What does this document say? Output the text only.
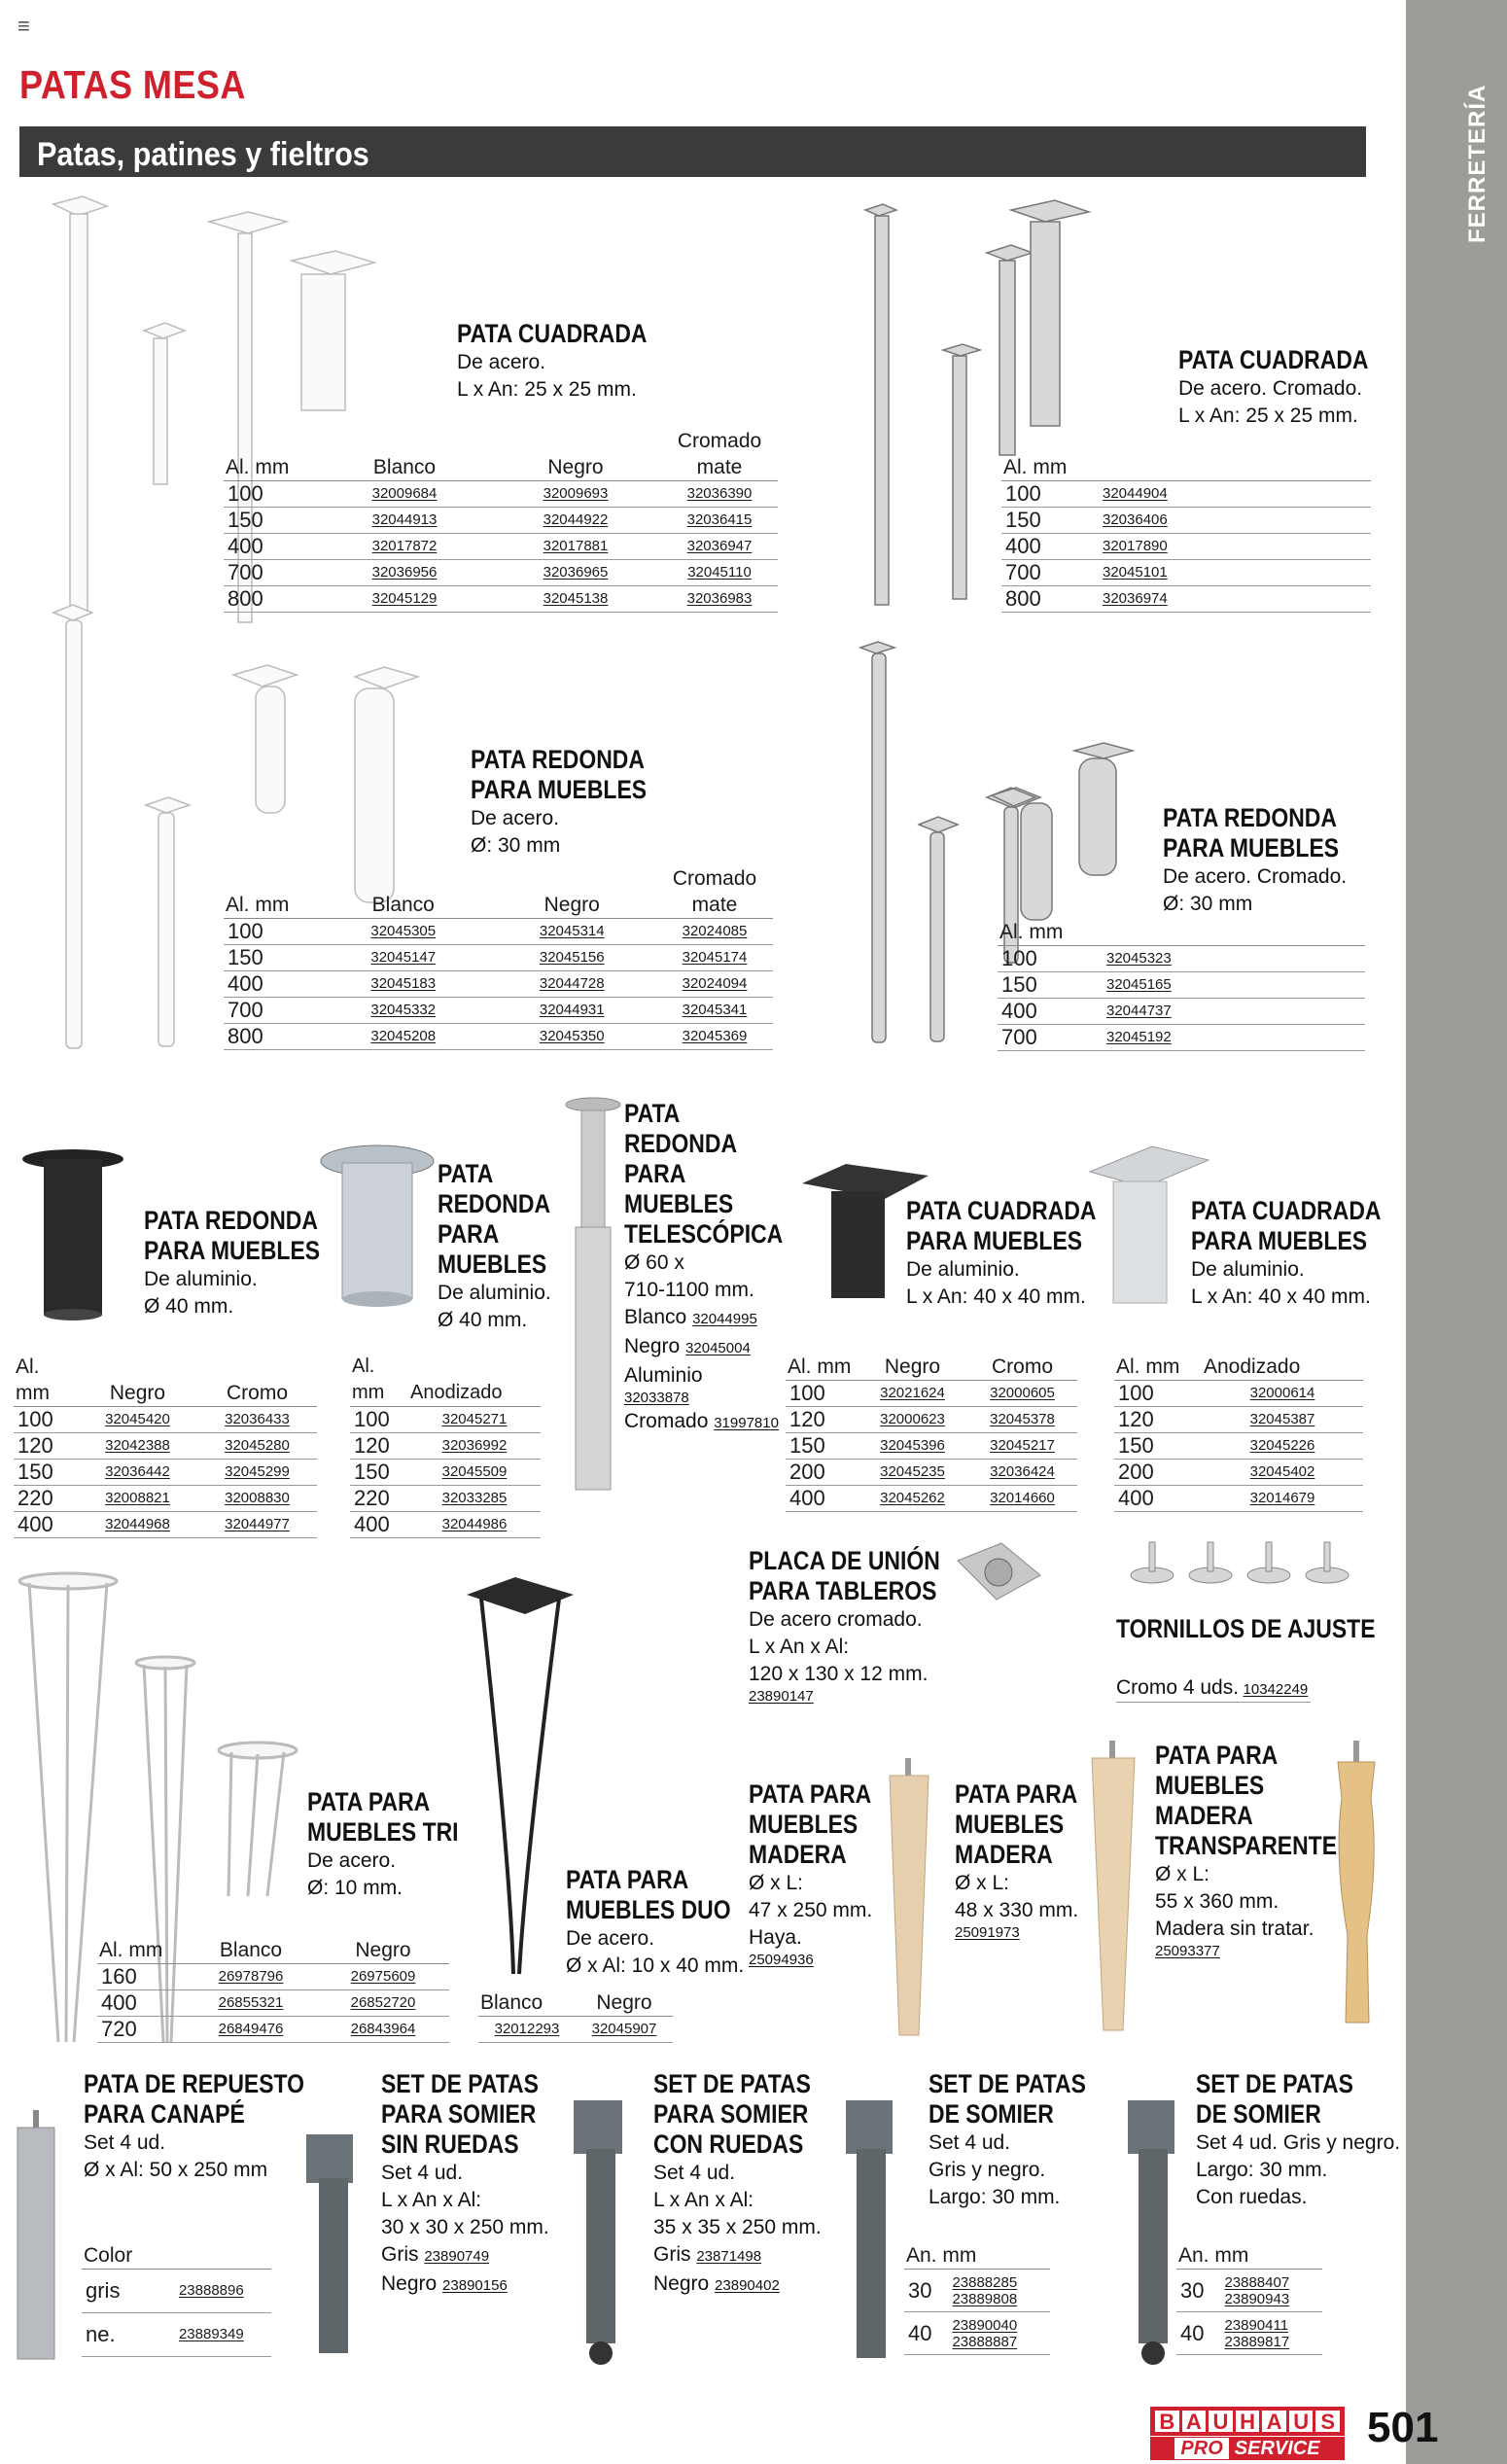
≡
PATAS MESA
Patas, patines y fieltros	FERRETERÍA
PATA CUADRADA
De acero.
L x An: 25 x 25 mm.
Al. mm	Blanco	Negro	Cromado mate
100	32009684	32009693	32036390
150	32044913	32044922	32036415
400	32017872	32017881	32036947
700	32036956	32036965	32045110
800	32045129	32045138	32036983
PATA CUADRADA
De acero. Cromado.
L x An: 25 x 25 mm.
Al. mm	
100	32044904
150	32036406
400	32017890
700	32045101
800	32036974
PATA REDONDA
PARA MUEBLES
De acero.
Ø: 30 mm
Al. mm	Blanco	Negro	Cromado mate
100	32045305	32045314	32024085
150	32045147	32045156	32045174
400	32045183	32044728	32024094
700	32045332	32044931	32045341
800	32045208	32045350	32045369
PATA REDONDA
PARA MUEBLES
De acero. Cromado.
Ø: 30 mm
Al. mm	
100	32045323
150	32045165
400	32044737
700	32045192
PATA REDONDA
PARA MUEBLES
De aluminio.
Ø 40 mm.
Al. mm	Negro	Cromo
100	32045420	32036433
120	32042388	32045280
150	32036442	32045299
220	32008821	32008830
400	32044968	32044977
PATA
REDONDA
PARA
MUEBLES
De aluminio.
Ø 40 mm.
Al. mm	Anodizado
100	32045271
120	32036992
150	32045509
220	32033285
400	32044986
PATA
REDONDA
PARA
MUEBLES
TELESCÓPICA
Ø 60 x
710-1100 mm.
Blanco 32044995
Negro 32045004
Aluminio
32033878
Cromado 31997810
PATA CUADRADA
PARA MUEBLES
De aluminio.
L x An: 40 x 40 mm.
Al. mm	Negro	Cromo
100	32021624	32000605
120	32000623	32045378
150	32045396	32045217
200	32045235	32036424
400	32045262	32014660
PATA CUADRADA
PARA MUEBLES
De aluminio.
L x An: 40 x 40 mm.
Al. mm	Anodizado
100	32000614
120	32045387
150	32045226
200	32045402
400	32014679
PLACA DE UNIÓN
PARA TABLEROS
De acero cromado.
L x An x Al:
120 x 130 x 12 mm.
23890147
TORNILLOS DE AJUSTE
Cromo 4 uds. 10342249
PATA PARA
MUEBLES TRI
De acero.
Ø: 10 mm.
Al. mm	Blanco	Negro
160	26978796	26975609
400	26855321	26852720
720	26849476	26843964
PATA PARA
MUEBLES DUO
De acero.
Ø x Al: 10 x 40 mm.
Blanco	Negro
32012293	32045907
PATA PARA
MUEBLES
MADERA
Ø x L:
47 x 250 mm.
Haya.
25094936
PATA PARA
MUEBLES
MADERA
Ø x L:
48 x 330 mm.
25091973
PATA PARA
MUEBLES
MADERA
TRANSPARENTE
Ø x L:
55 x 360 mm.
Madera sin tratar.
25093377
PATA DE REPUESTO
PARA CANAPÉ
Set 4 ud.
Ø x Al: 50 x 250 mm
Color	
gris	23888896
ne.	23889349
SET DE PATAS
PARA SOMIER
SIN RUEDAS
Set 4 ud.
L x An x Al:
30 x 30 x 250 mm.
Gris 23890749
Negro 23890156
SET DE PATAS
PARA SOMIER
CON RUEDAS
Set 4 ud.
L x An x Al:
35 x 35 x 250 mm.
Gris 23871498
Negro 23890402
SET DE PATAS
DE SOMIER
Set 4 ud.
Gris y negro.
Largo: 30 mm.
An. mm	
30	23888285
23889808
40	23890040
23888887
SET DE PATAS
DE SOMIER
Set 4 ud. Gris y negro.
Largo: 30 mm.
Con ruedas.
An. mm	
30	23888407
23890943
40	23890411
23889817
B A U H A U S
PRO SERVICE	501
